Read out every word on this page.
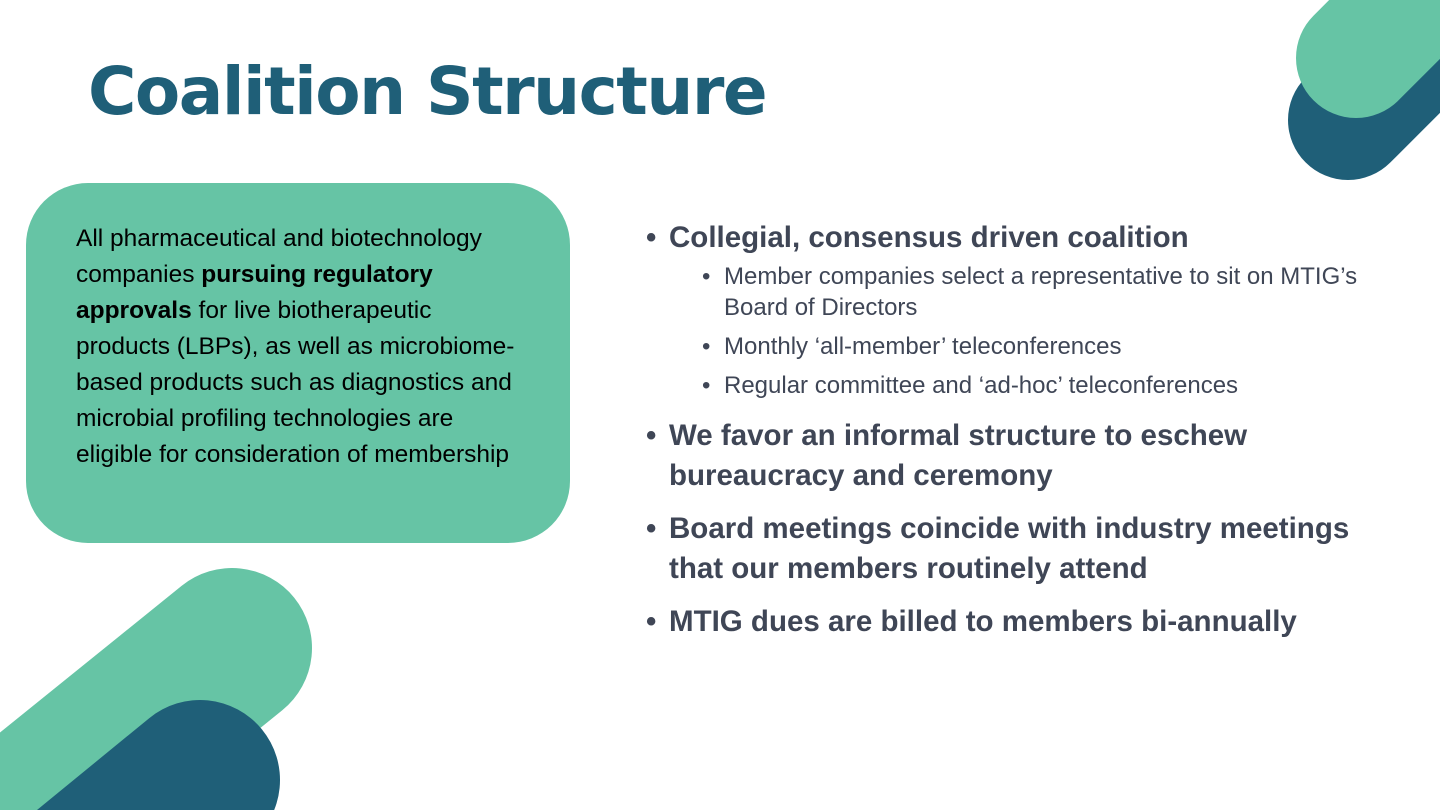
Coalition Structure

All pharmaceutical and biotechnology companies pursuing regulatory approvals for live biotherapeutic products (LBPs), as well as microbiome-based products such as diagnostics and microbial profiling technologies are eligible for consideration of membership

• Collegial, consensus driven coalition
• Member companies select a representative to sit on MTIG’s Board of Directors
• Monthly ‘all-member’ teleconferences
• Regular committee and ‘ad-hoc’ teleconferences
• We favor an informal structure to eschew bureaucracy and ceremony
• Board meetings coincide with industry meetings that our members routinely attend
• MTIG dues are billed to members bi-annually
